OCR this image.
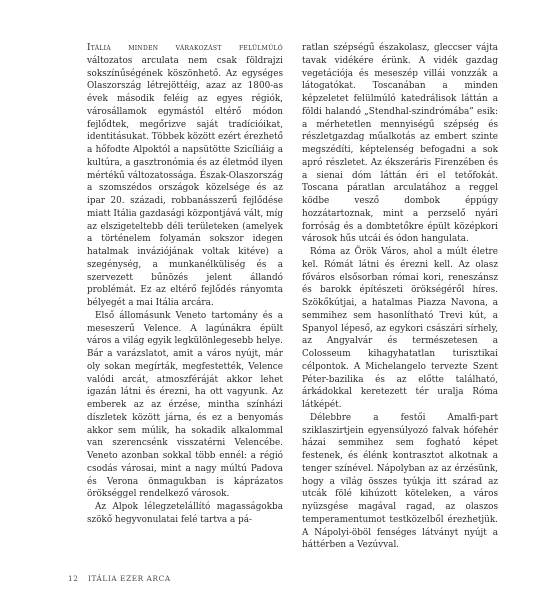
Itália minden várakozást felülmúló változatos arculata nem csak földrajzi sokszínűségének köszönhető. Az egységes Olaszország létrejöttéig, azaz az 1800-as évek második feléig az egyes régiók, városállamok egymástól eltérő módon fejlődtek, megőrizve saját tradícióikat, identitásukat. Többek között ezért érezhető a hőfodte Alpoktól a napsütötte Szicíliáig a kultúra, a gasztronómia és az életmód ilyen mértékű változatossága. Észak-Olaszország a szomszédos országok közelsége és az ipar 20. századi, robbanásszerű fejlődése miatt Itália gazdasági központjává vált, míg az elszigeteltebb déli területeken (amelyek a történelem folyamán sokszor idegen hatalmak inváziójának voltak kitéve) a szegénység, a munkanélküliség és a szervezett bűnözés jelent állandó problémát. Ez az eltérő fejlődés rányomta bélyegét a mai Itália arcára.

Első állomásunk Veneto tartomány és a meseszerű Velence. A lagúnákra épült város a világ egyik legkülönlegesebb helye. Bár a varázslatot, amit a város nyújt, már oly sokan megírták, megfestették, Velence valódi arcát, atmoszféráját akkor lehet igazán látni és érezni, ha ott vagyunk. Az emberek az az érzése, mintha színházi díszletek között járna, és ez a benyomás akkor sem múlik, ha sokadik alkalommal van szerencsénk visszatérni Velencébe. Veneto azonban sokkal több ennél: a régió csodás városai, mint a nagy múltú Padova és Verona önmagukban is káprázatos örökséggel rendelkező városok.

Az Alpok lélegzetelállító magasságokba szökő hegyvonulatai felé tartva a pá-

ratlan szépségű északolasz, gleccser vájta tavak vidékére érünk. A vidék gazdag vegetációja és meseszép villái vonzzák a látogatókat. Toscanában a minden képzeletet felülmúló katedrálisok láttán a földi halandó „Stendhal-szindrómába” esik: a mérhetetlen mennyiségű szépség és részletgazdag műalkotás az embert szinte megszédíti, képtelenség befogadni a sok apró részletet. Az ékszeráris Firenzében és a sienai dóm láttán éri el tetőfokát. Toscana páratlan arculatához a reggel ködbe vesző dombok éppúgy hozzátartoznak, mint a perzselő nyári forróság és a dombtetőkre épült középkori városok hűs utcái és ódon hangulata.

Róma az Örök Város, ahol a múlt életre kel. Rómát látni és érezni kell. Az olasz főváros elsősorban római kori, reneszánsz és barokk építészeti örökségéről híres. Szökőkútjai, a hatalmas Piazza Navona, a semmihez sem hasonlítható Trevi kút, a Spanyol lépeső, az egykori császári sírhely, az Angyalvár és természetesen a Colosseum kihagyhatatlan turisztikai célpontok. A Michelangelo tervezte Szent Péter-bazilika és az előtte található, árkádokkal keretezett tér uralja Róma látképét.

Délebbre a festői Amalfi-part sziklaszirtjein egyensúlyozó falvak hófehér házai semmihez sem fogható képet festenek, és élénk kontrasztot alkotnak a tenger színével. Nápolyban az az érzésünk, hogy a világ összes tyúkja itt szárad az utcák fölé kihúzott köteleken, a város nyüzsgése magával ragad, az olaszos temperamentumot testközelből érezhetjük. A Nápolyi-öböl fenséges látványt nyújt a háttérben a Vezúvval.

12 ITÁLIA EZER ARCA
